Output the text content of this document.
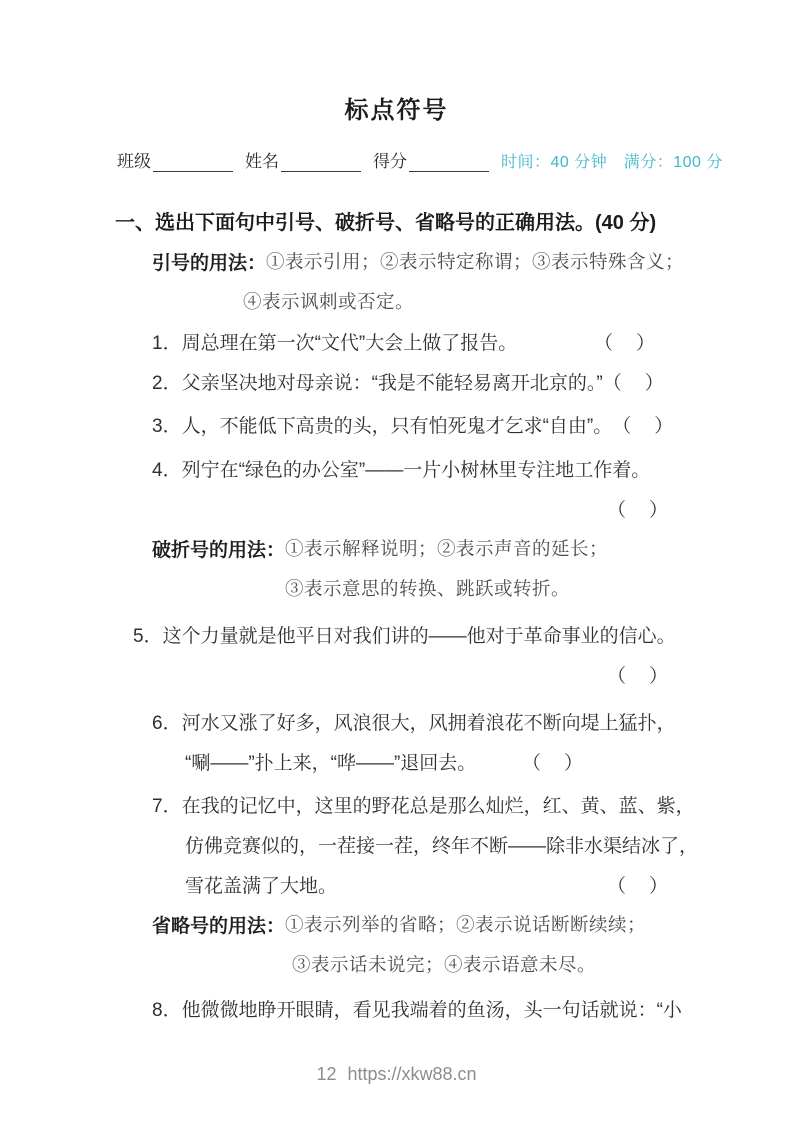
标点符号
班级	姓名	得分	时间：40 分钟　满分：100 分
一、选出下面句中引号、破折号、省略号的正确用法。(40 分)
引号的用法： ①表示引用；②表示特定称谓；③表示特殊含义；
④表示讽刺或否定。
1．周总理在第一次“文代”大会上做了报告。	（　）
2．父亲坚决地对母亲说：“我是不能轻易离开北京的。” （　）
3．人，不能低下高贵的头，只有怕死鬼才乞求“自由”。 （　）
4．列宁在“绿色的办公室”——一片小树林里专注地工作着。
（　）
破折号的用法： ①表示解释说明；②表示声音的延长；
③表示意思的转换、跳跃或转折。
5．这个力量就是他平日对我们讲的——他对于革命事业的信心。
（　）
6．河水又涨了好多，风浪很大，风拥着浪花不断向堤上猛扑，
“唰——”扑上来，“哗——”退回去。 （　）
7．在我的记忆中，这里的野花总是那么灿烂，红、黄、蓝、紫，
仿佛竞赛似的，一茬接一茬，终年不断——除非水渠结冰了，
雪花盖满了大地。	（　）
省略号的用法： ①表示列举的省略；②表示说话断断续续；
③表示话未说完；④表示语意未尽。
8．他微微地睁开眼睛，看见我端着的鱼汤，头一句话就说：“小
12 https://xkw88.cn
